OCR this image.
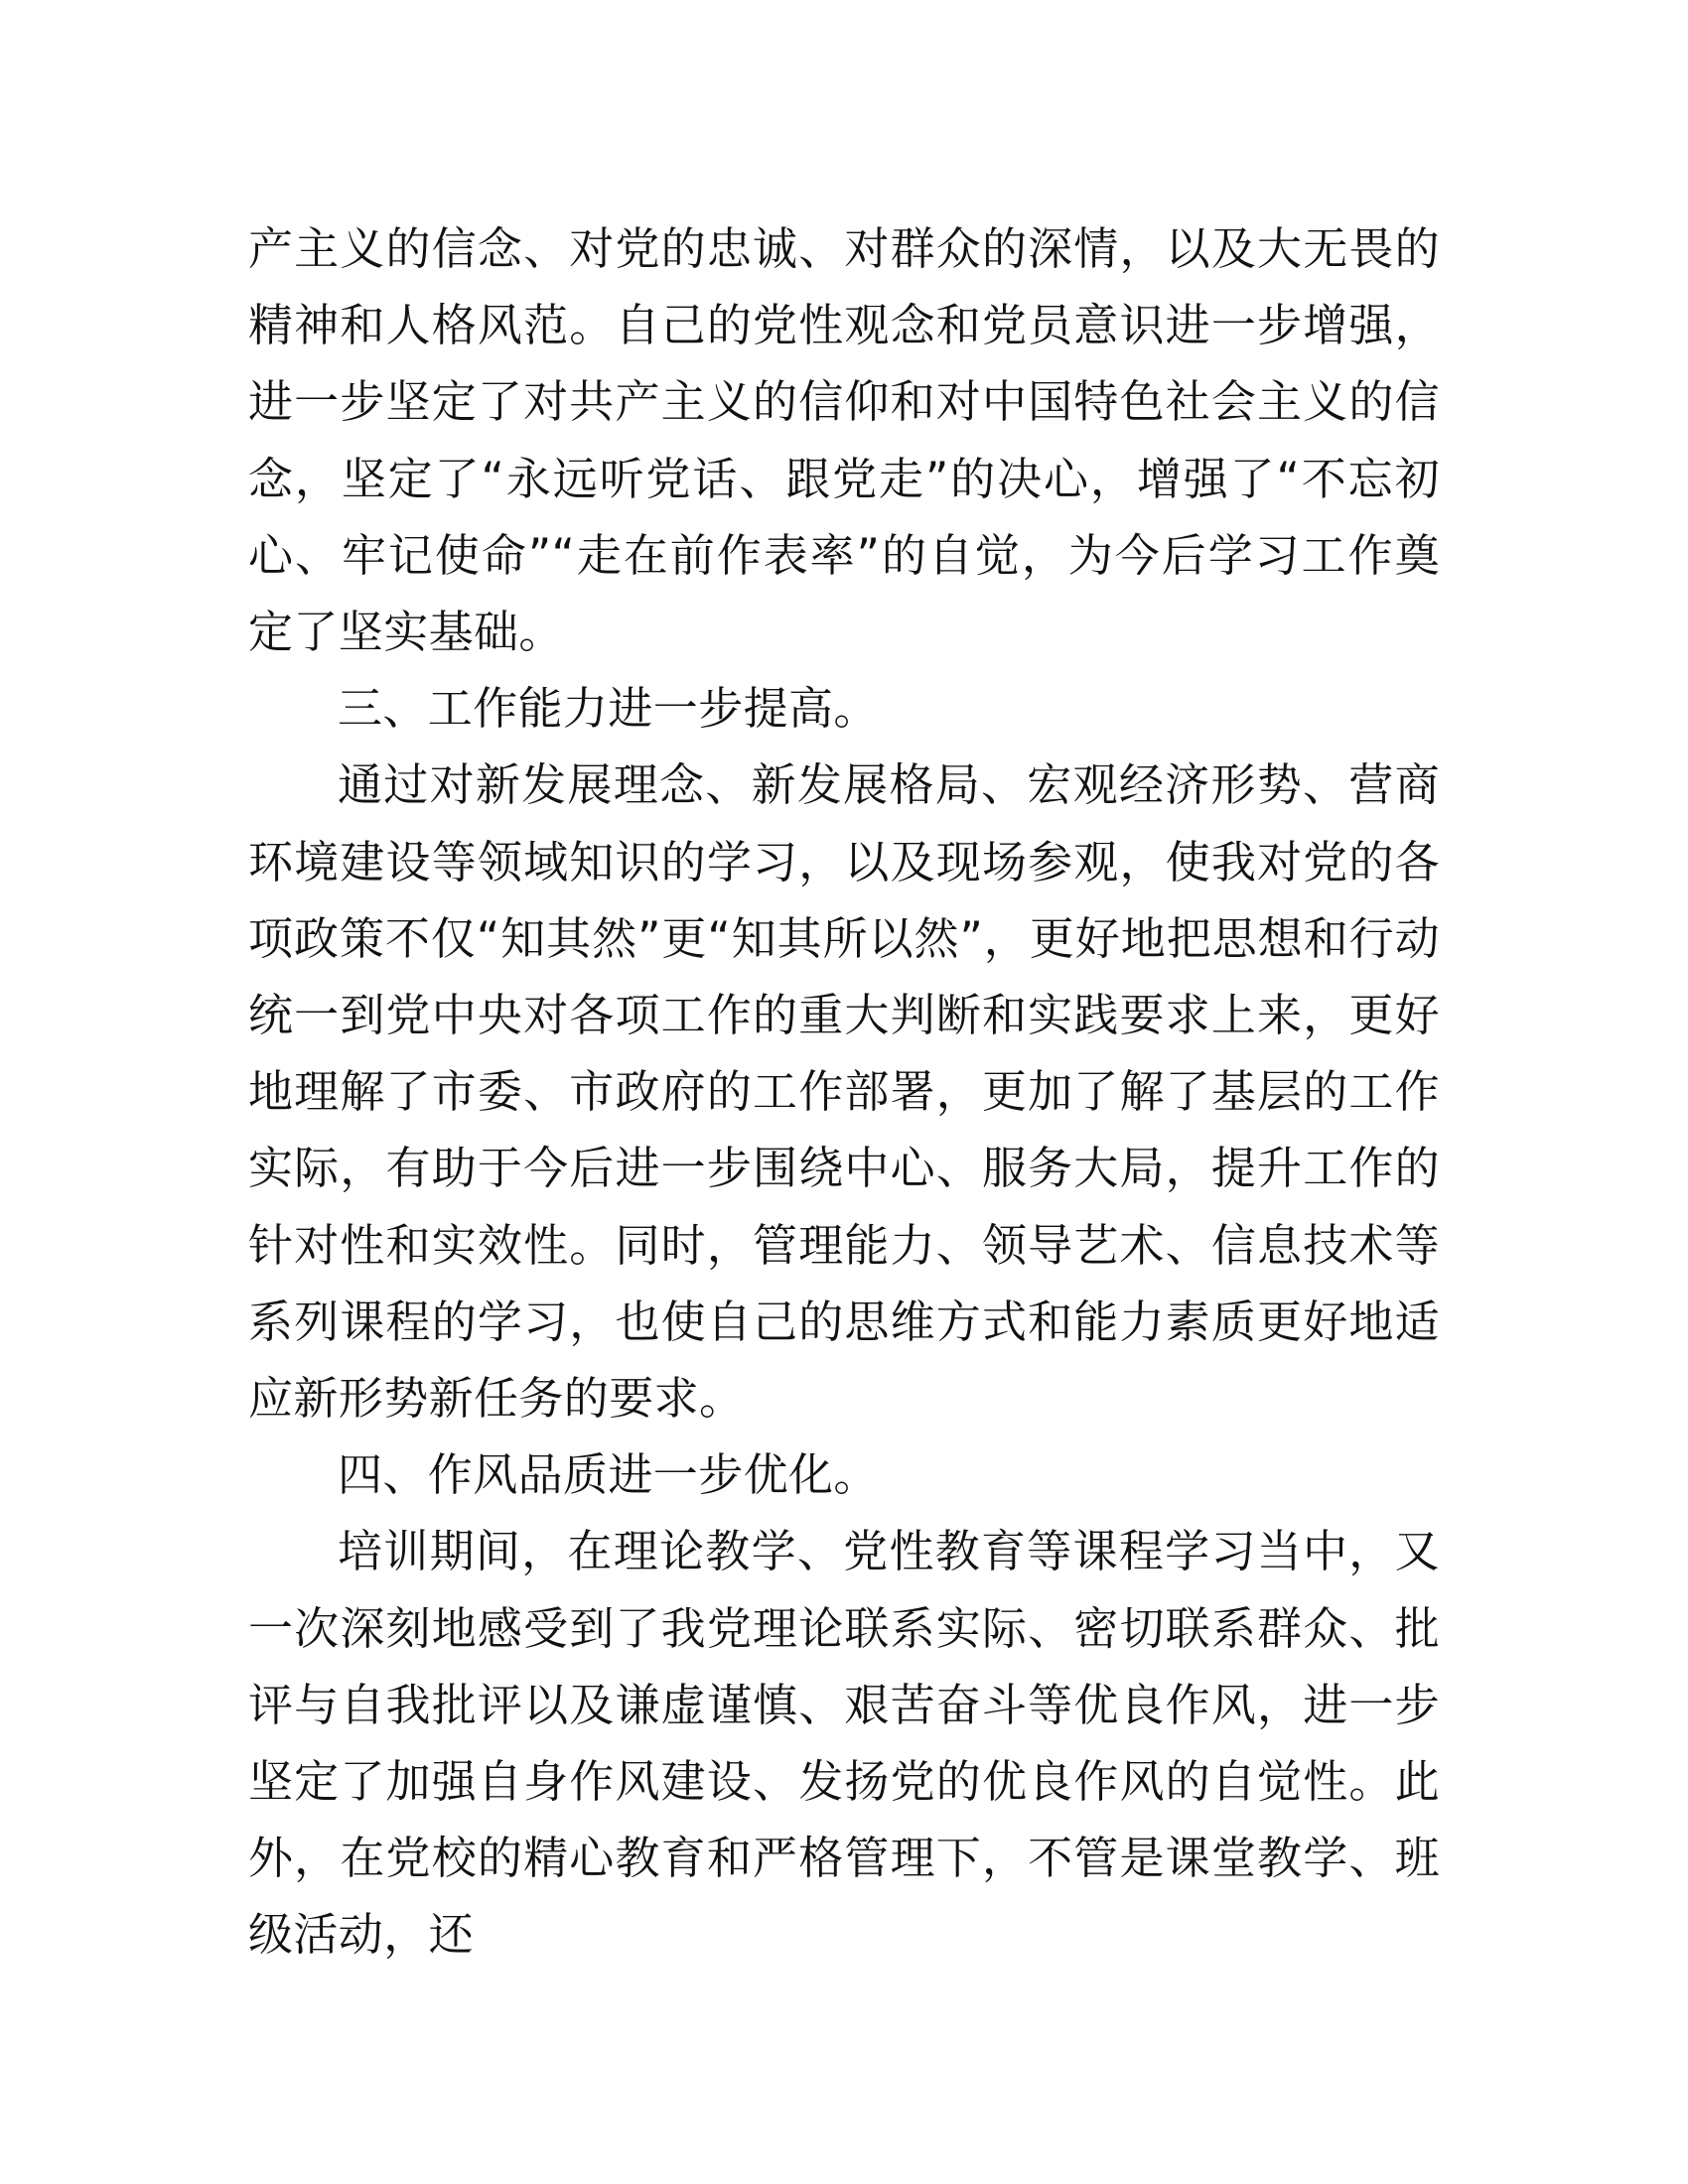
产主义的信念、对党的忠诚、对群众的深情，以及大无畏的精神和人格风范。自己的党性观念和党员意识进一步增强，进一步坚定了对共产主义的信仰和对中国特色社会主义的信念，坚定了“永远听党话、跟党走”的决心，增强了“不忘初心、牢记使命”“走在前作表率”的自觉，为今后学习工作奠定了坚实基础。

三、工作能力进一步提高。

通过对新发展理念、新发展格局、宏观经济形势、营商环境建设等领域知识的学习，以及现场参观，使我对党的各项政策不仅“知其然”更“知其所以然”，更好地把思想和行动统一到党中央对各项工作的重大判断和实践要求上来，更好地理解了市委、市政府的工作部署，更加了解了基层的工作实际，有助于今后进一步围绕中心、服务大局，提升工作的针对性和实效性。同时，管理能力、领导艺术、信息技术等系列课程的学习，也使自己的思维方式和能力素质更好地适应新形势新任务的要求。

四、作风品质进一步优化。

培训期间，在理论教学、党性教育等课程学习当中，又一次深刻地感受到了我党理论联系实际、密切联系群众、批评与自我批评以及谦虚谨慎、艰苦奋斗等优良作风，进一步坚定了加强自身作风建设、发扬党的优良作风的自觉性。此外，在党校的精心教育和严格管理下，不管是课堂教学、班级活动，还
